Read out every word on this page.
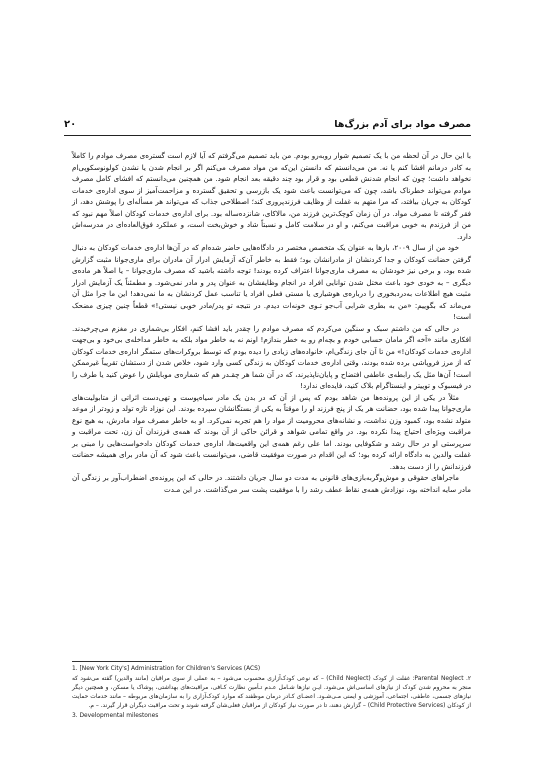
۲۰	مصرف مواد برای آدم بزرگ‌ها

با این حال در آن لحظه من با یک تصمیم شوار روبه‌رو بودم. من باید تصمیم می‌گرفتم که آیا لازم است گستره‌ی مصرف موادم را کاملاً به کادر درمانم افشا کنم یا نه. من می‌دانستم که دانستن این‌که من مواد مصرف می‌کنم اگر بر انجام شدن یا نشدن کولونوسکوپی‌ام نخواهد داشت؛ چون که انجام شدنش قطعی بود و قرار بود چند دقیقه بعد انجام شود. من همچنین می‌دانستم که افشای کامل مصرف موادم می‌تواند خطرناک باشد، چون که می‌توانست باعث شود یک بازرسی و تحقیق گسترده و مزاحمت‌آمیز از سوی اداره‌ی خدمات کودکان به جریان بیافتد، که مرا متهم به غفلت از وظایف فرزندپروری کند؛ اصطلاحی جذاب که می‌تواند هر مسأله‌ای را پوشش دهد، از فقر گرفته تا مصرف مواد. در آن زمان کوچک‌ترین فرزند من، مالاکای، شانزده‌ساله بود. برای اداره‌ی خدمات کودکان اصلاً مهم نبود که من از فرزندم به خوبی مراقبت می‌کنم، و او در سلامت کامل و نسبتاً شاد و خوش‌بخت است، و عملکرد فوق‌العاده‌ای در مدرسه‌اش دارد.

خود من از سال ۲۰۰۹، بارها به عنوان یک متخصص مختصر در دادگاه‌هایی حاضر شده‌ام که در آن‌ها اداره‌ی خدمات کودکان به دنبال گرفتن حضانت کودکان و جدا کردنشان از مادرانشان بود؛ فقط به خاطر آن‌که آزمایش ادرار آن مادران برای ماری‌جوانا مثبت گزارش شده بود، و برخی نیز خودشان به مصرف ماری‌جوانا اعتراف کرده بودند! توجه داشته باشید که مصرف ماری‌جوانا – یا اصلاً هر ماده‌ی دیگری – به خودی خود باعث مختل شدن توانایی افراد در انجام وظایفشان به عنوان پدر و مادر نمی‌شود. و مطمئناً یک آزمایش ادرار مثبت هیچ اطلاعات به‌دردبخوری را درباره‌ی هوشیاری یا مستی فعلی افراد یا تناسب عمل کردنشان به ما نمی‌دهد! این ما جرا مثل آن می‌ماند که بگوییم: «من به بطری شرابی آب‌جو تـوی خونه‌ات دیدم. در نتیجه تو پدر/مادر خوبی نیستی!» قطعاً چنین چیزی مضحک است!

در حالی که من داشتم سبک و سنگین می‌کردم که مصرف موادم را چقدر باید افشا کنم، افکار بی‌شماری در مغزم می‌چرخیدند. افکاری مانند «آخه اگر مامان حسابی خودم و بچه‌ام رو به خطر بندازم! اونم نه به خاطر مواد بلکه به خاطر مداخله‌ی بی‌خود و بی‌جهت اداره‌ی خدمات کودکان!» من تا آن جای زندگی‌ام، خانواده‌های زیادی را دیده بودم که توسط بروکرات‌های ستمگر اداره‌ی خدمات کودکان که از مرز فروپاشی برده شده بودند، وقتی اداره‌ی خدمات کودکان به زندگی کسی وارد شود، خلاص شدن از دستشان تقریباً غیرممکن است! آن‌ها مثل یک رابطه‌ی عاطفی افتضاح و پایان‌ناپذیرند، که در آن شما هر چقـدر هم که شماره‌ی موبایلش را عوض کنید یا طرف را در فیسبوک و توییتر و اینستاگرام بلاک کنید، فایده‌ای ندارد!

مثلاً در یکی از این پرونده‌ها من شاهد بودم که پس از آن که در بدن یک مادر سیاه‌پوست و تهی‌دست اثراتی از متابولیت‌های ماری‌جوانا پیدا شده بود، حضانت هر یک از پنج فرزند او را موقتاً به یکی از بستگانشان سپرده بودند. این نوزاد تازه تولد و زودتر از موعد متولد نشده بود، کمبود وزن نداشت، و نشانه‌های محرومیت از مواد را هم تجربه نمی‌کرد. او به خاطر مصرف مواد مادرش، به هیچ نوع مراقبت ویژه‌ای احتیاج پیدا نکرده بود. در واقع تمامی شواهد و قرائن حاکی از آن بودند که همه‌ی فرزندان آن زن، تحت مراقبت و سرپرستی او در حال رشد و شکوفایی بودند. اما علی رغم همه‌ی این واقعیت‌ها، اداره‌ی خدمات کودکان دادخواست‌هایی را مبنی بر غفلت والدین به دادگاه ارائه کرده بود؛ که این اقدام در صورت موفقیت قاضی، می‌توانست باعث شود که آن مادر برای همیشه حضانت فرزندانش را از دست بدهد.

ماجراهای حقوقی و موش‌وگربه‌بازی‌های قانونی به مدت دو سال جریان داشتند. در حالی که این پرونده‌ی اضطراب‌آور بر زندگی آن مادر سایه انداخته بود، نوزادش همه‌ی نقاط عطف رشد را با موفقیت پشت سر می‌گذاشت. در این مـدت

1. [New York City's] Administration for Children's Services (ACS)

۲. Parental Neglect: غفلت از کودک (Child Neglect) – که نوعی کودک‌آزاری محسوب می‌شود – به عملی از سوی مراقبان (مانند والدین) گفته می‌شود که منجر به محروم شدن کودک از نیازهای اساسی‌اش می‌شود. ایـن نیازها شـامل عـدم تـأمین نظارت کـافی، مراقبت‌های بهداشتی، پوشاک یا مسکن، و همچنین دیگر نیازهای جسمی، عاطفی، اجتماعی، آموزشی و ایمنی مـی‌شـود. اعضـای کـادر درمان موظفند که موارد کودک‌آزاری را به سازمان‌های مربوطه – مانند خدمات حمایت از کودکان (Child Protective Services) – گزارش دهند، تا در صورت نیاز کودکان از مراقبان فعلی‌شان گرفته شوند و تحت مراقبت دیگران قرار گیرند. – م.

3. Developmental milestones
